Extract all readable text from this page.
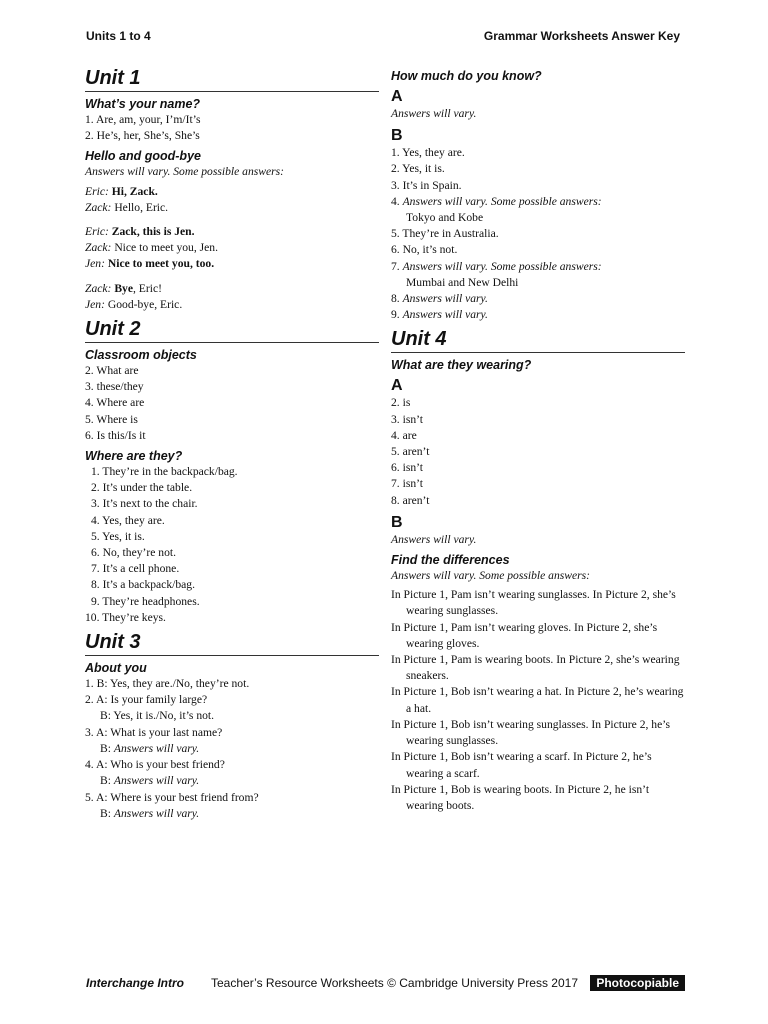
Units 1 to 4	Grammar Worksheets Answer Key
Unit 1
What’s your name?
1. Are, am, your, I’m/It’s
2. He’s, her, She’s, She’s
Hello and good-bye
Answers will vary. Some possible answers:
Eric: Hi, Zack.
Zack: Hello, Eric.
Eric: Zack, this is Jen.
Zack: Nice to meet you, Jen.
Jen: Nice to meet you, too.
Zack: Bye, Eric!
Jen: Good-bye, Eric.
Unit 2
Classroom objects
2. What are
3. these/they
4. Where are
5. Where is
6. Is this/Is it
Where are they?
1. They’re in the backpack/bag.
2. It’s under the table.
3. It’s next to the chair.
4. Yes, they are.
5. Yes, it is.
6. No, they’re not.
7. It’s a cell phone.
8. It’s a backpack/bag.
9. They’re headphones.
10. They’re keys.
Unit 3
About you
1. B: Yes, they are./No, they’re not.
2. A: Is your family large?
B: Yes, it is./No, it’s not.
3. A: What is your last name?
B: Answers will vary.
4. A: Who is your best friend?
B: Answers will vary.
5. A: Where is your best friend from?
B: Answers will vary.
How much do you know?
A
Answers will vary.
B
1. Yes, they are.
2. Yes, it is.
3. It’s in Spain.
4. Answers will vary. Some possible answers:
Tokyo and Kobe
5. They’re in Australia.
6. No, it’s not.
7. Answers will vary. Some possible answers:
Mumbai and New Delhi
8. Answers will vary.
9. Answers will vary.
Unit 4
What are they wearing?
A
2. is
3. isn’t
4. are
5. aren’t
6. isn’t
7. isn’t
8. aren’t
B
Answers will vary.
Find the differences
Answers will vary. Some possible answers:
In Picture 1, Pam isn’t wearing sunglasses. In Picture 2, she’s wearing sunglasses.
In Picture 1, Pam isn’t wearing gloves. In Picture 2, she’s wearing gloves.
In Picture 1, Pam is wearing boots. In Picture 2, she’s wearing sneakers.
In Picture 1, Bob isn’t wearing a hat. In Picture 2, he’s wearing a hat.
In Picture 1, Bob isn’t wearing sunglasses. In Picture 2, he’s wearing sunglasses.
In Picture 1, Bob isn’t wearing a scarf. In Picture 2, he’s wearing a scarf.
In Picture 1, Bob is wearing boots. In Picture 2, he isn’t wearing boots.
Interchange Intro Teacher’s Resource Worksheets © Cambridge University Press 2017	Photocopiable
